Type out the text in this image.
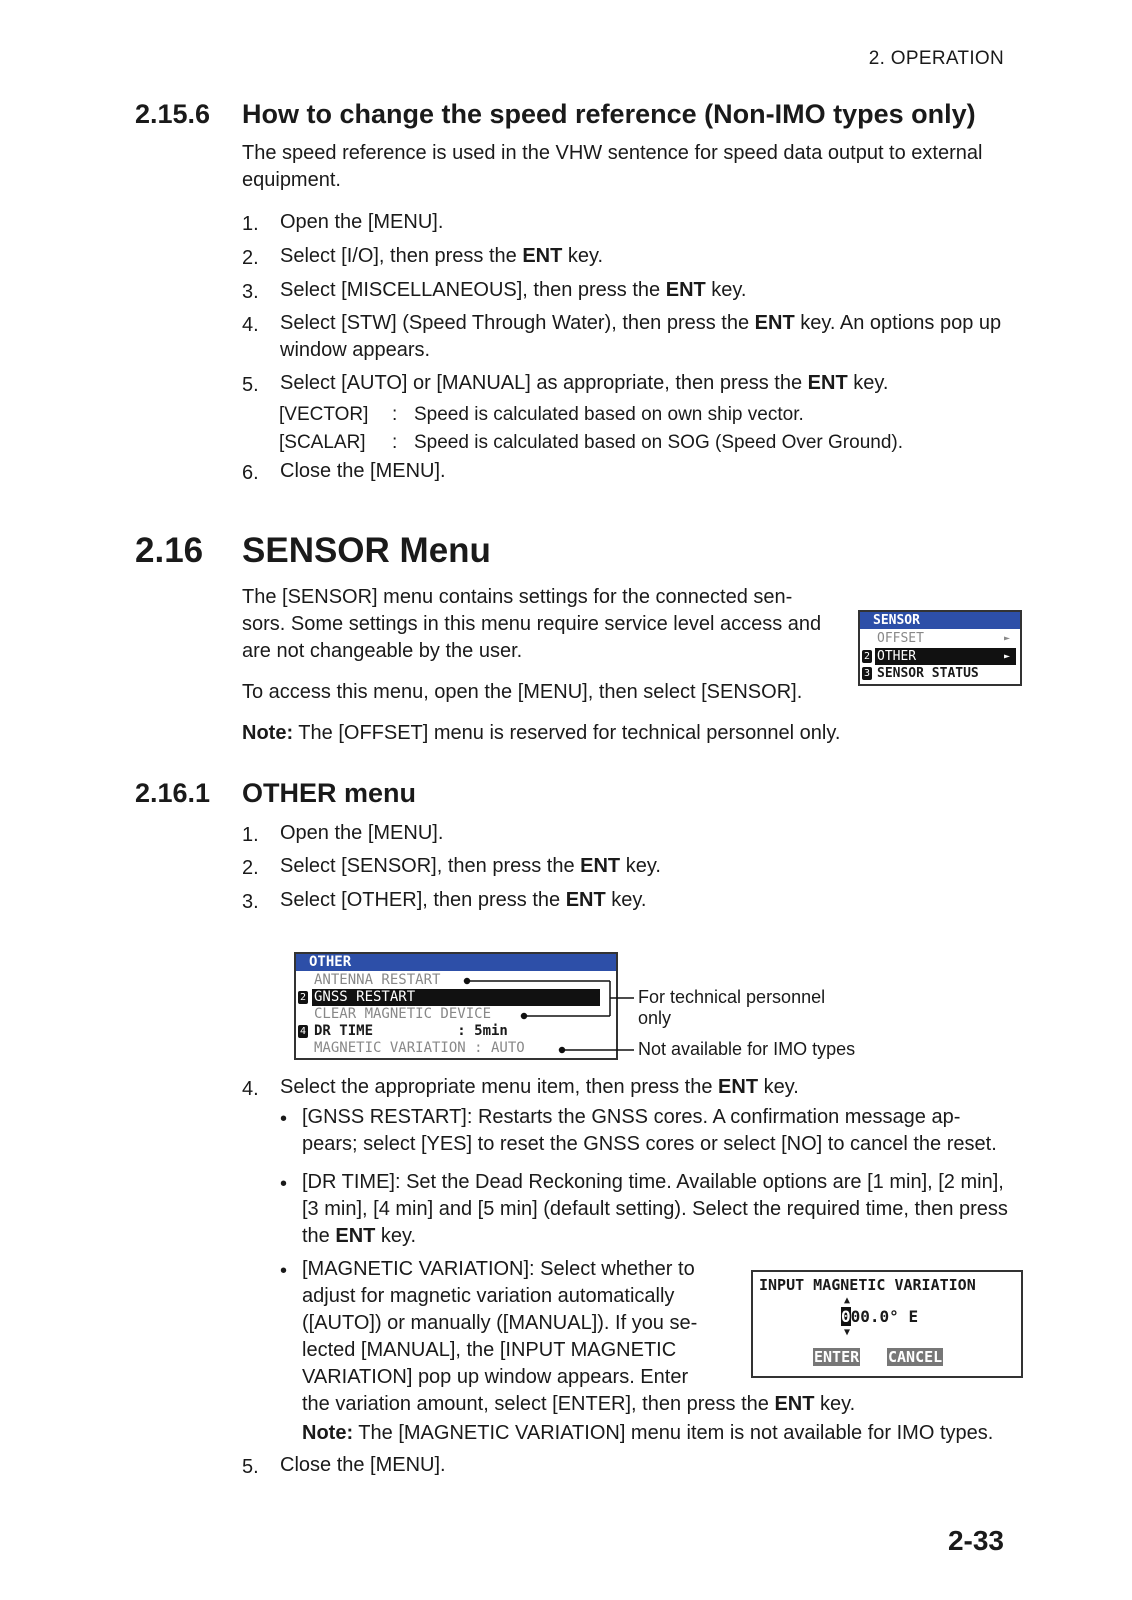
2. OPERATION
2.15.6 How to change the speed reference (Non-IMO types only)
The speed reference is used in the VHW sentence for speed data output to external
equipment.
1. Open the [MENU].
2. Select [I/O], then press the ENT key.
3. Select [MISCELLANEOUS], then press the ENT key.
4. Select [STW] (Speed Through Water), then press the ENT key. An options pop up
window appears.
5. Select [AUTO] or [MANUAL] as appropriate, then press the ENT key.
[VECTOR] : Speed is calculated based on own ship vector.
[SCALAR] : Speed is calculated based on SOG (Speed Over Ground).
6. Close the [MENU].
2.16 SENSOR Menu
The [SENSOR] menu contains settings for the connected sen-
sors. Some settings in this menu require service level access and
are not changeable by the user.
SENSOR
OFFSET	►
2 OTHER	►
3 SENSOR STATUS
To access this menu, open the [MENU], then select [SENSOR].
Note: The [OFFSET] menu is reserved for technical personnel only.
2.16.1 OTHER menu
1. Open the [MENU].
2. Select [SENSOR], then press the ENT key.
3. Select [OTHER], then press the ENT key.
OTHER
ANTENNA RESTART
2 GNSS RESTART
CLEAR MAGNETIC DEVICE
4 DR TIME          : 5min
MAGNETIC VARIATION : AUTO
For technical personnel
only
Not available for IMO types
4. Select the appropriate menu item, then press the ENT key.
• [GNSS RESTART]: Restarts the GNSS cores. A confirmation message ap-
pears; select [YES] to reset the GNSS cores or select [NO] to cancel the reset.
• [DR TIME]: Set the Dead Reckoning time. Available options are [1 min], [2 min],
[3 min], [4 min] and [5 min] (default setting). Select the required time, then press
the ENT key.
• [MAGNETIC VARIATION]: Select whether to
adjust for magnetic variation automatically
([AUTO]) or manually ([MANUAL]). If you se-
lected [MANUAL], the [INPUT MAGNETIC
VARIATION] pop up window appears. Enter
the variation amount, select [ENTER], then press the ENT key.
Note: The [MAGNETIC VARIATION] menu item is not available for IMO types.
INPUT MAGNETIC VARIATION
▲
000.0° E
▼
ENTER CANCEL
5. Close the [MENU].
2-33
